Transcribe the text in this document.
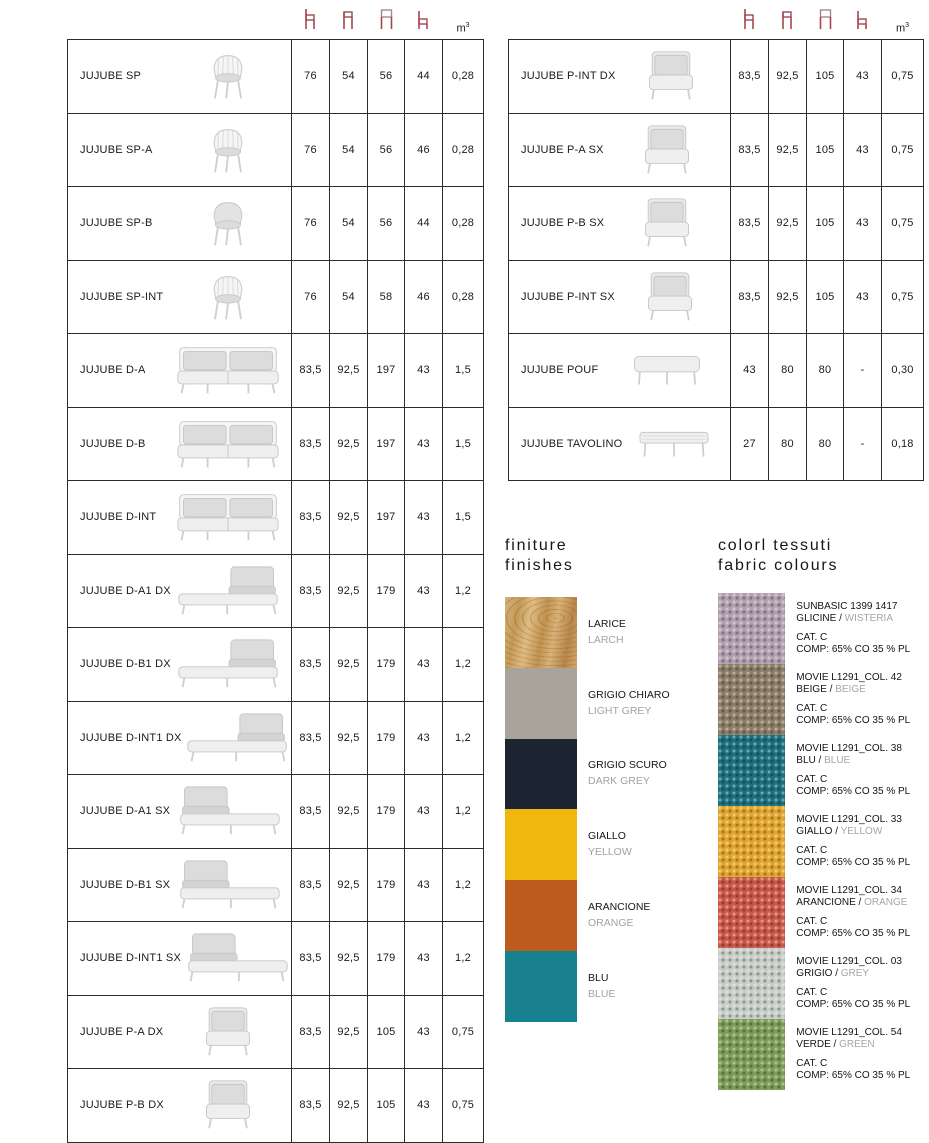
					$m^3$

JUJUBE SP	76	54	56	44	0,28

JUJUBE SP-A	76	54	56	46	0,28

JUJUBE SP-B	76	54	56	44	0,28

JUJUBE SP-INT	76	54	58	46	0,28

JUJUBE D-A	83,5	92,5	197	43	1,5

JUJUBE D-B	83,5	92,5	197	43	1,5

JUJUBE D-INT	83,5	92,5	197	43	1,5

JUJUBE D-A1 DX	83,5	92,5	179	43	1,2

JUJUBE D-B1 DX	83,5	92,5	179	43	1,2

JUJUBE D-INT1 DX	83,5	92,5	179	43	1,2

JUJUBE D-A1 SX	83,5	92,5	179	43	1,2

JUJUBE D-B1 SX	83,5	92,5	179	43	1,2

JUJUBE D-INT1 SX	83,5	92,5	179	43	1,2

JUJUBE P-A DX	83,5	92,5	105	43	0,75

JUJUBE P-B DX	83,5	92,5	105	43	0,75
					$m^3$

JUJUBE P-INT DX	83,5	92,5	105	43	0,75

JUJUBE P-A SX	83,5	92,5	105	43	0,75

JUJUBE P-B SX	83,5	92,5	105	43	0,75

JUJUBE P-INT SX	83,5	92,5	105	43	0,75

JUJUBE POUF	43	80	80	-	0,30

JUJUBE TAVOLINO	27	80	80	-	0,18
finiture
finishes
LARICE
LARCH
GRIGIO CHIARO
LIGHT GREY
GRIGIO SCURO
DARK GREY
GIALLO
YELLOW
ARANCIONE
ORANGE
BLU
BLUE
colorl tessuti
fabric colours
SUNBASIC 1399 1417
GLICINE / WISTERIA
CAT. C
COMP: 65% CO 35 % PL
MOVIE L1291_COL. 42
BEIGE / BEIGE
CAT. C
COMP: 65% CO 35 % PL
MOVIE L1291_COL. 38
BLU / BLUE
CAT. C
COMP: 65% CO 35 % PL
MOVIE L1291_COL. 33
GIALLO / YELLOW
CAT. C
COMP: 65% CO 35 % PL
MOVIE L1291_COL. 34
ARANCIONE / ORANGE
CAT. C
COMP: 65% CO 35 % PL
MOVIE L1291_COL. 03
GRIGIO / GREY
CAT. C
COMP: 65% CO 35 % PL
MOVIE L1291_COL. 54
VERDE / GREEN
CAT. C
COMP: 65% CO 35 % PL
